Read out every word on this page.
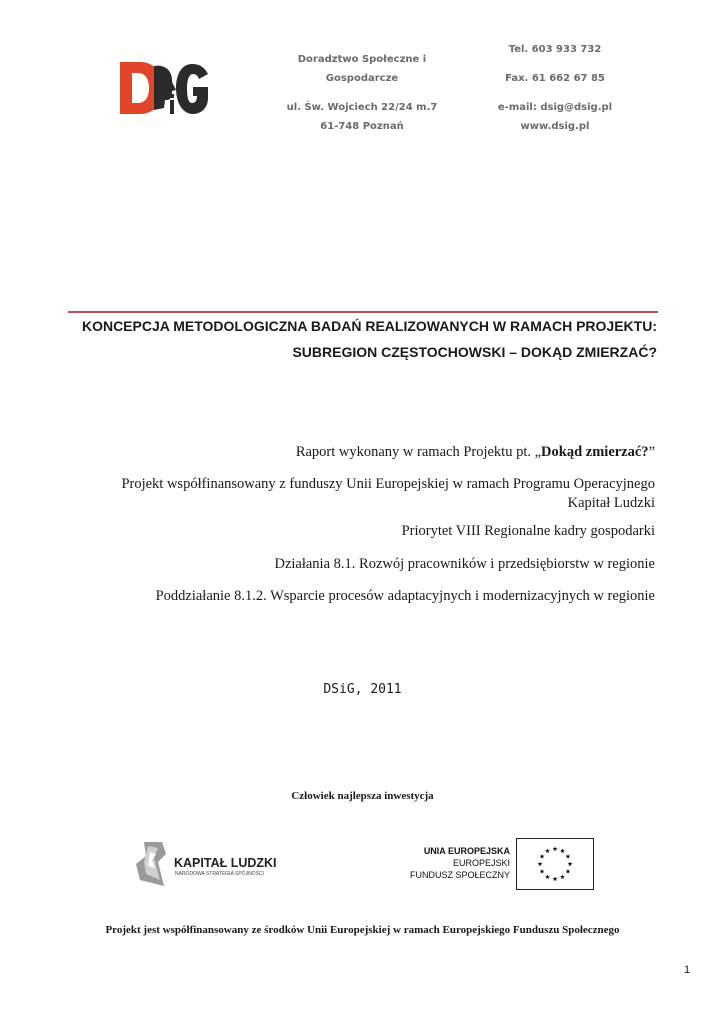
Doradztwo Społeczne i
Gospodarcze
ul. Św. Wojciech 22/24 m.7
61-748 Poznań
Tel. 603 933 732
Fax. 61 662 67 85
e-mail: dsig@dsig.pl
www.dsig.pl
KONCEPCJA METODOLOGICZNA BADAŃ REALIZOWANYCH W RAMACH PROJEKTU:
SUBREGION CZĘSTOCHOWSKI – DOKĄD ZMIERZAĆ?
Raport wykonany w ramach Projektu pt. „Dokąd zmierzać?”
Projekt współfinansowany z funduszy Unii Europejskiej w ramach Programu Operacyjnego
Kapitał Ludzki
Priorytet VIII Regionalne kadry gospodarki
Działania 8.1. Rozwój pracowników i przedsiębiorstw w regionie
Poddziałanie 8.1.2. Wsparcie procesów adaptacyjnych i modernizacyjnych w regionie
DSiG, 2011
Człowiek najlepsza inwestycja
KAPITAŁ LUDZKI
NARODOWA STRATEGIA SPÓJNOŚCI
UNIA EUROPEJSKA
EUROPEJSKI
FUNDUSZ SPOŁECZNY
Projekt jest współfinansowany ze środków Unii Europejskiej w ramach Europejskiego Funduszu Społecznego
1
